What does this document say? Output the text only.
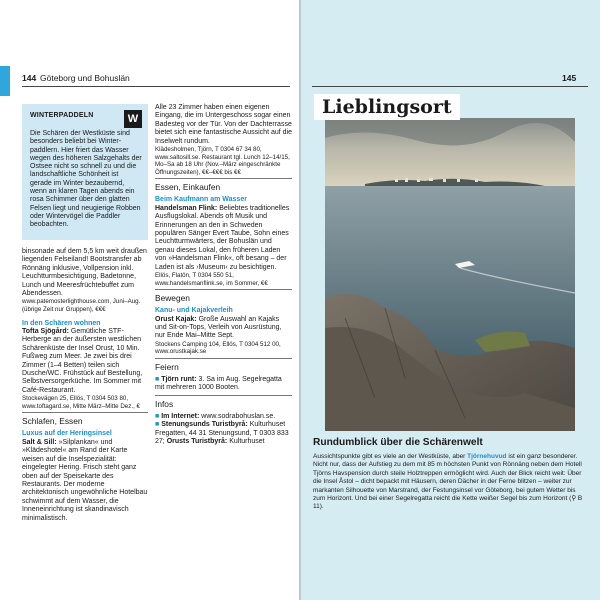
144 Göteborg und Bohuslän
WINTERPADDELN	W
Die Schären der Westküste sind besonders beliebt bei Winter-paddlern. Hier friert das Wasser wegen des höheren Salzgehalts der Ostsee nicht so schnell zu und die landschaftliche Schönheit ist gerade im Winter bezaubernd, wenn an klaren Tagen abends ein rosa Schimmer über den glatten Felsen liegt und neugierige Robben oder Wintervögel die Paddler beobachten.

binsonade auf dem 5,5 km weit draußen liegenden Felseiland! Bootstransfer ab Rönnäng inklusive, Vollpension inkl. Leuchtturmbesichtigung, Badetonne, Lunch und Meeresfrüchtebuffet zum Abendessen.

www.patemosterlighthouse.com, Juni–Aug. (übrige Zeit nur Gruppen), €€€

In den Schären wohnen

Tofta Sjögård: Gemütliche STF-Herberge an der äußersten westlichen Schärenküste der Insel Orust, 10 Min. Fußweg zum Meer. Je zwei bis drei Zimmer (1–4 Betten) teilen sich Dusche/WC. Frühstück auf Bestellung, Selbstversorgerküche. Im Sommer mit Café-Restaurant.

Stockevägen 25, Ellös, T 0304 503 80, www.toftagard.se, Mitte März–Mitte Dez., €

Schlafen, Essen

Luxus auf der Heringsinsel

Salt & Sill: »Silplankan« und »Klädeshotel« am Rand der Karte weisen auf die Inselspezialität: eingelegter Hering. Frisch steht ganz oben auf der Speisekarte des Restaurants. Der moderne architektonisch ungewöhnliche Hotelbau schwimmt auf dem Wasser, die Inneneinrichtung ist skandinavisch minimalistisch.

Alle 23 Zimmer haben einen eigenen Eingang, die im Untergeschoss sogar einen Badesteg vor der Tür. Von der Dachterrasse bietet sich eine fantastische Aussicht auf die Inselwelt rundum.

Klädesholmen, Tjörn, T 0304 67 34 80, www.saltosill.se. Restaurant tgl. Lunch 12–14/15, Mo–Sa ab 18 Uhr (Nov.–März eingeschränkte Öffnungszeiten), €€–€€€ bis €€

Essen, Einkaufen

Beim Kaufmann am Wasser

Handelsman Flink: Beliebtes traditionelles Ausflugslokal. Abends oft Musik und Erinnerungen an den in Schweden populären Sänger Evert Taube, Sohn eines Leuchtturmwärters, der Bohuslän und genau dieses Lokal, den früheren Laden von »Handelsman Flink«, oft besang – der Laden ist als ›Museum‹ zu besichtigen.

Ellös, Flatön, T 0304 550 51, www.handelsmanflink.se, im Sommer, €€

Bewegen

Kanu- und Kajakverleih

Orust Kajak: Große Auswahl an Kajaks und Sit-on-Tops, Verleih von Ausrüstung, nur Ende Mai–Mitte Sept.

Stockens Camping 104, Ellös, T 0304 512 00, www.orustkajak.se

Feiern

■ Tjörn runt: 3. Sa im Aug. Segelregatta mit mehreren 1000 Booten.

Infos

■ Im Internet: www.sodrabohuslan.se.

■ Stenungsunds Turistbyrå: Kulturhuset Fregatten, 44 31 Stenungsund, T 0303 833 27; Orusts Turistbyrå: Kulturhuset

145
Lieblingsort
Rundumblick über die Schärenwelt
Aussichtspunkte gibt es viele an der Westküste, aber Tjörnehuvud ist ein ganz besonderer. Nicht nur, dass der Aufstieg zu dem mit 85 m höchsten Punkt von Rönnäng neben dem Hotell Tjörns Havspension durch steile Holztreppen ermöglicht wird. Auch der Blick reicht weit: Über die Insel Åstol – dicht bepackt mit Häusern, deren Dächer in der Ferne blitzen – weiter zur markanten Silhouette von Marstrand, der Festungsinsel vor Göteborg, bei gutem Wetter bis zum Horizont. Und bei einer Segelregatta reicht die Kette weißer Segel bis zum Horizont (⚲ B 11).
